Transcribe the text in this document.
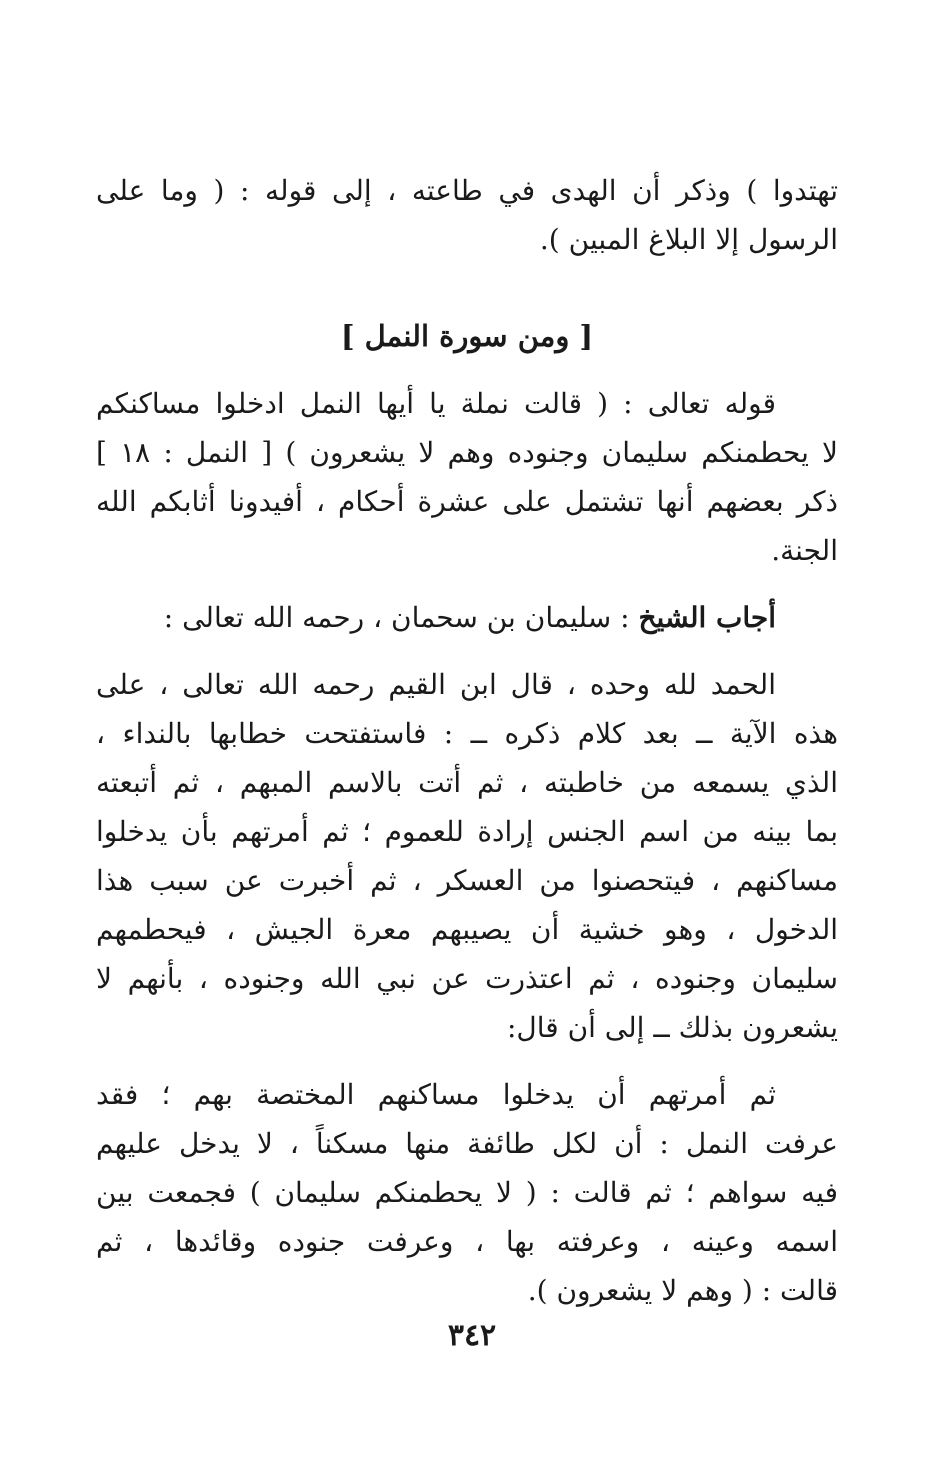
تهتدوا ) وذكر أن الهدى في طاعته ، إلى قوله : ( وما على
الرسول إلا البلاغ المبين ).
[ ومن سورة النمل ]
قوله تعالى : ( قالت نملة يا أيها النمل ادخلوا مساكنكم
لا يحطمنكم سليمان وجنوده وهم لا يشعرون ) [ النمل : ١٨ ]
ذكر بعضهم أنها تشتمل على عشرة أحكام ، أفيدونا أثابكم الله
الجنة.
أجاب الشيخ : سليمان بن سحمان ، رحمه الله تعالى :
الحمد لله وحده ، قال ابن القيم رحمه الله تعالى ، على
هذه الآية ــ بعد كلام ذكره ــ : فاستفتحت خطابها بالنداء ،
الذي يسمعه من خاطبته ، ثم أتت بالاسم المبهم ، ثم أتبعته
بما بينه من اسم الجنس إرادة للعموم ؛ ثم أمرتهم بأن يدخلوا
مساكنهم ، فيتحصنوا من العسكر ، ثم أخبرت عن سبب هذا
الدخول ، وهو خشية أن يصيبهم معرة الجيش ، فيحطمهم
سليمان وجنوده ، ثم اعتذرت عن نبي الله وجنوده ، بأنهم لا
يشعرون بذلك ــ إلى أن قال:
ثم أمرتهم أن يدخلوا مساكنهم المختصة بهم ؛ فقد
عرفت النمل : أن لكل طائفة منها مسكناً ، لا يدخل عليهم
فيه سواهم ؛ ثم قالت : ( لا يحطمنكم سليمان ) فجمعت بين
اسمه وعينه ، وعرفته بها ، وعرفت جنوده وقائدها ، ثم
قالت : ( وهم لا يشعرون ).
٣٤٢
